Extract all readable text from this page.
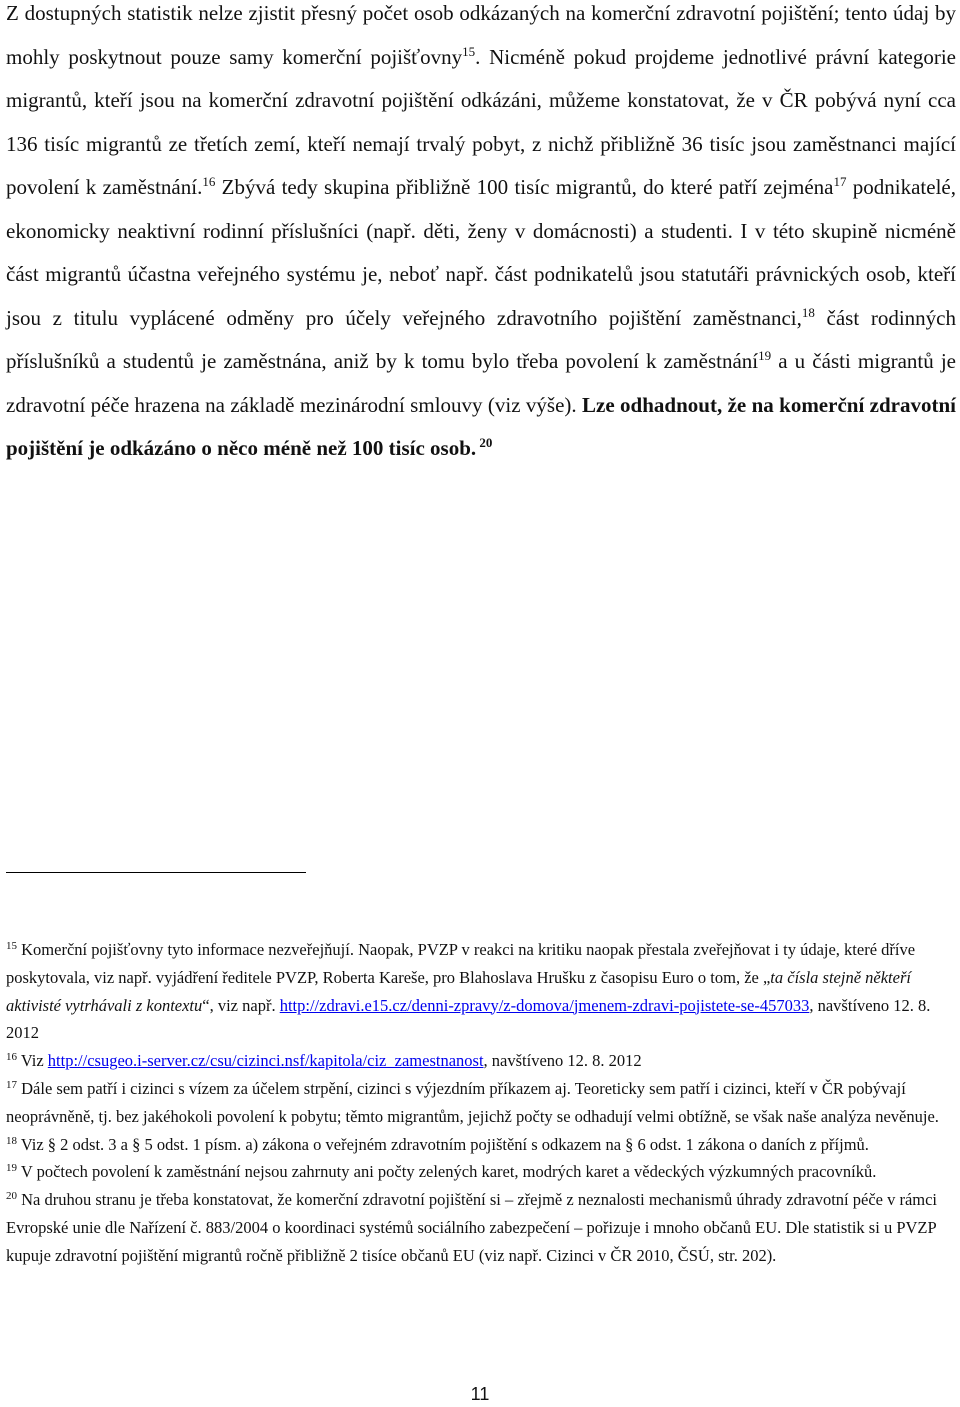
Z dostupných statistik nelze zjistit přesný počet osob odkázaných na komerční zdravotní pojištění; tento údaj by mohly poskytnout pouze samy komerční pojišťovny$^{15}$. Nicméně pokud projdeme jednotlivé právní kategorie migrantů, kteří jsou na komerční zdravotní pojištění odkázáni, můžeme konstatovat, že v ČR pobývá nyní cca 136 tisíc migrantů ze třetích zemí, kteří nemají trvalý pobyt, z nichž přibližně 36 tisíc jsou zaměstnanci mající povolení k zaměstnání.$^{16}$ Zbývá tedy skupina přibližně 100 tisíc migrantů, do které patří zejména$^{17}$ podnikatelé, ekonomicky neaktivní rodinní příslušníci (např. děti, ženy v domácnosti) a studenti. I v této skupině nicméně část migrantů účastna veřejného systému je, neboť např. část podnikatelů jsou statutáři právnických osob, kteří jsou z titulu vyplácené odměny pro účely veřejného zdravotního pojištění zaměstnanci,$^{18}$ část rodinných příslušníků a studentů je zaměstnána, aniž by k tomu bylo třeba povolení k zaměstnání$^{19}$ a u části migrantů je zdravotní péče hrazena na základě mezinárodní smlouvy (viz výše). Lze odhadnout, že na komerční zdravotní pojištění je odkázáno o něco méně než 100 tisíc osob. $^{20}$

$^{15}$ Komerční pojišťovny tyto informace nezveřejňují. Naopak, PVZP v reakci na kritiku naopak přestala zveřejňovat i ty údaje, které dříve poskytovala, viz např. vyjádření ředitele PVZP, Roberta Kareše, pro Blahoslava Hrušku z časopisu Euro o tom, že „ta čísla stejně někteří aktivisté vytrhávali z kontextu“, viz např. http://zdravi.e15.cz/denni-zpravy/z-domova/jmenem-zdravi-pojistete-se-457033, navštíveno 12. 8. 2012

$^{16}$ Viz http://csugeo.i-server.cz/csu/cizinci.nsf/kapitola/ciz_zamestnanost, navštíveno 12. 8. 2012

$^{17}$ Dále sem patří i cizinci s vízem za účelem strpění, cizinci s výjezdním příkazem aj. Teoreticky sem patří i cizinci, kteří v ČR pobývají neoprávněně, tj. bez jakéhokoli povolení k pobytu; těmto migrantům, jejichž počty se odhadují velmi obtížně, se však naše analýza nevěnuje.

$^{18}$ Viz § 2 odst. 3 a § 5 odst. 1 písm. a) zákona o veřejném zdravotním pojištění s odkazem na § 6 odst. 1 zákona o daních z příjmů.

$^{19}$ V počtech povolení k zaměstnání nejsou zahrnuty ani počty zelených karet, modrých karet a vědeckých výzkumných pracovníků.

$^{20}$ Na druhou stranu je třeba konstatovat, že komerční zdravotní pojištění si – zřejmě z neznalosti mechanismů úhrady zdravotní péče v rámci Evropské unie dle Nařízení č. 883/2004 o koordinaci systémů sociálního zabezpečení – pořizuje i mnoho občanů EU. Dle statistik si u PVZP kupuje zdravotní pojištění migrantů ročně přibližně 2 tisíce občanů EU (viz např. Cizinci v ČR 2010, ČSÚ, str. 202).

11
